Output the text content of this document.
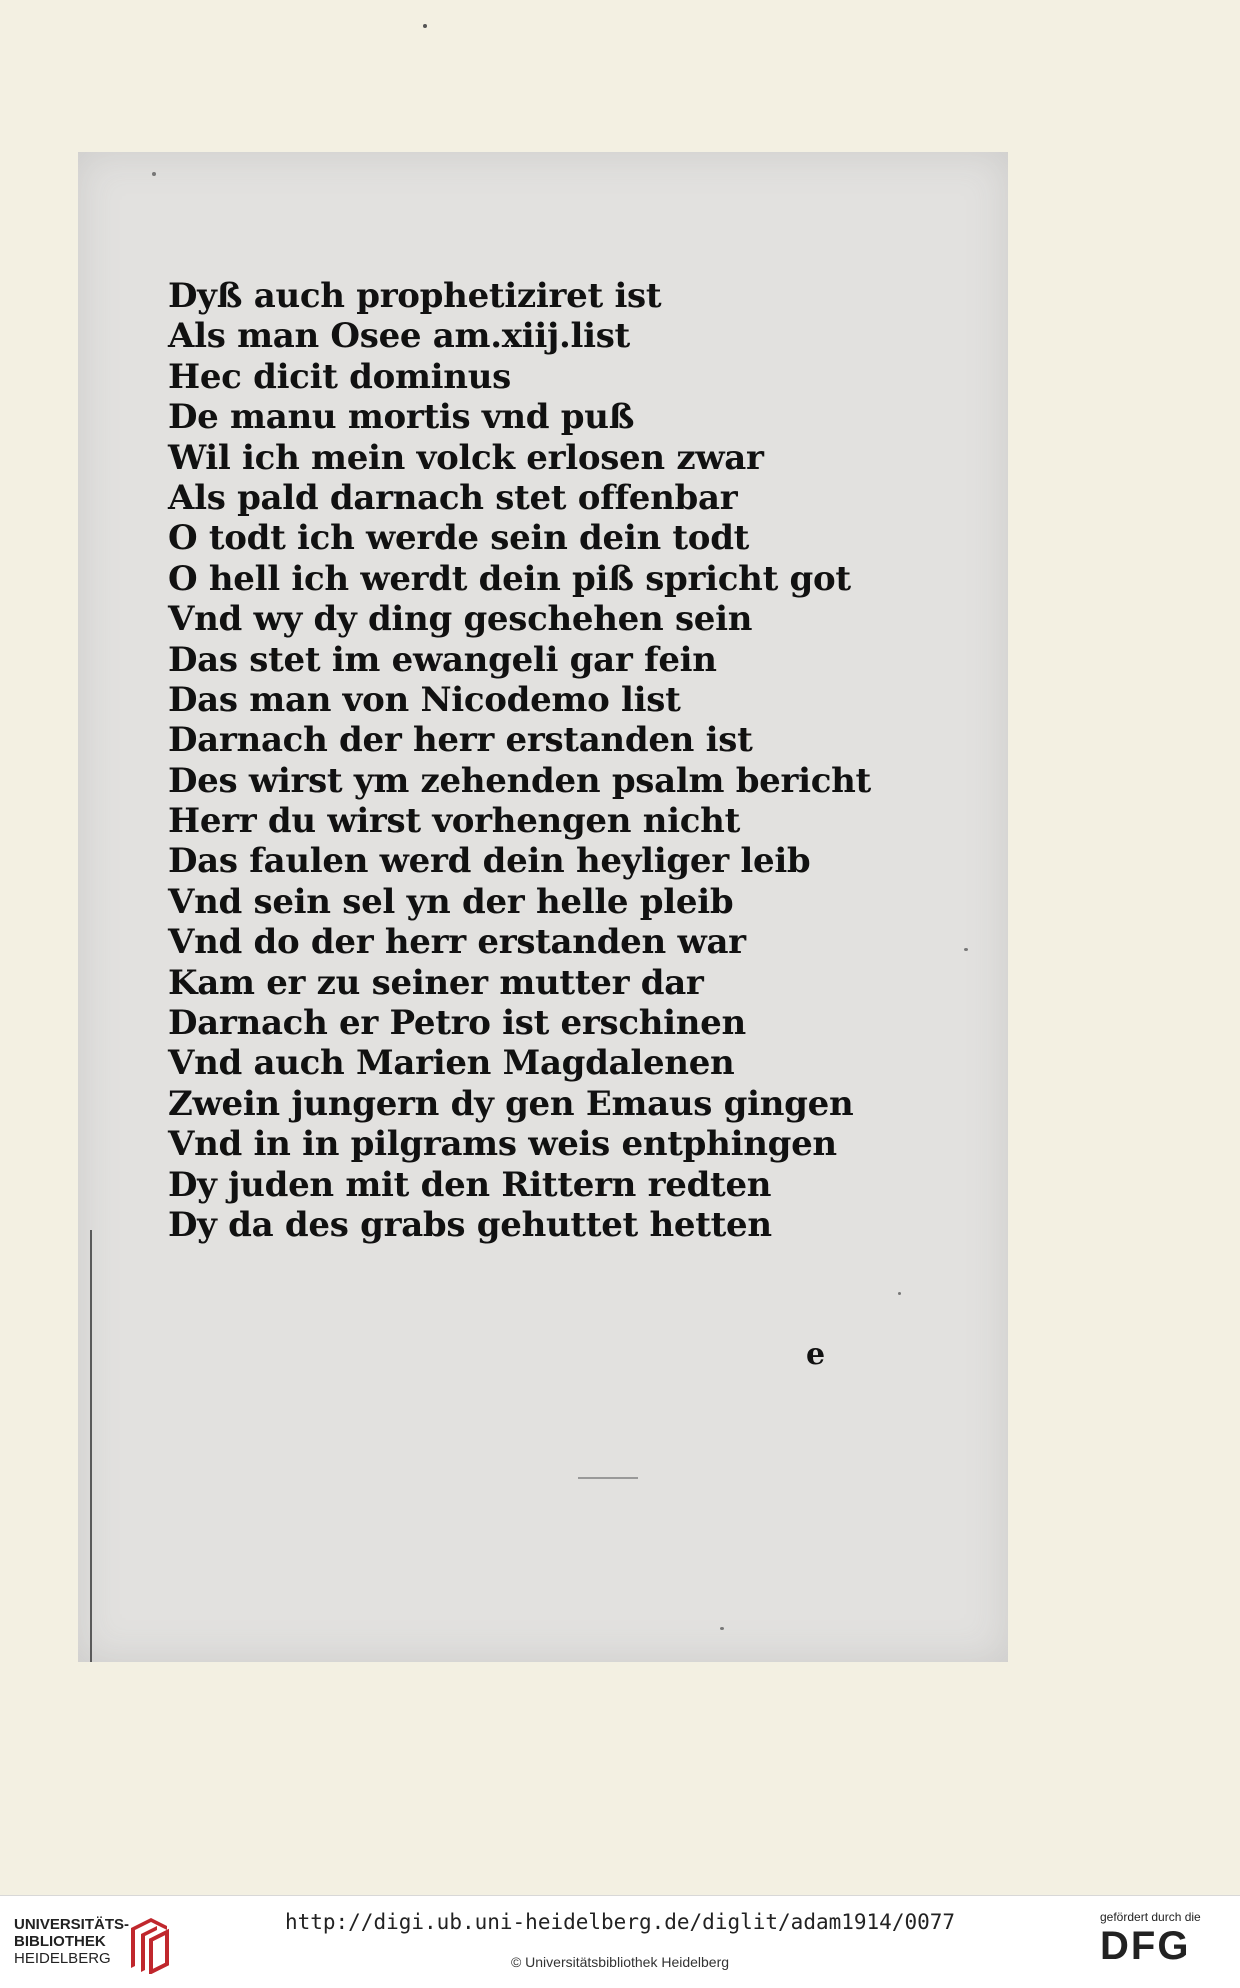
Dyß auch prophetiziret ist
Als man Osee am.xiij.list
Hec dicit dominus
De manu mortis vnd puß
Wil ich mein volck erlosen zwar
Als pald darnach stet offenbar
O todt ich werde sein dein todt
O hell ich werdt dein piß spricht got
Vnd wy dy ding geschehen sein
Das stet im ewangeli gar fein
Das man von Nicodemo list
Darnach der herr erstanden ist
Des wirst ym zehenden psalm bericht
Herr du wirst vorhengen nicht
Das faulen werd dein heyliger leib
Vnd sein sel yn der helle pleib
Vnd do der herr erstanden war
Kam er zu seiner mutter dar
Darnach er Petro ist erschinen
Vnd auch Marien Magdalenen
Zwein jungern dy gen Emaus gingen
Vnd in in pilgrams weis entphingen
Dy juden mit den Rittern redten
Dy da des grabs gehuttet hetten
e
UNIVERSITÄTS-
BIBLIOTHEK
HEIDELBERG
http://digi.ub.uni-heidelberg.de/diglit/adam1914/0077
© Universitätsbibliothek Heidelberg
gefördert durch die
DFG
